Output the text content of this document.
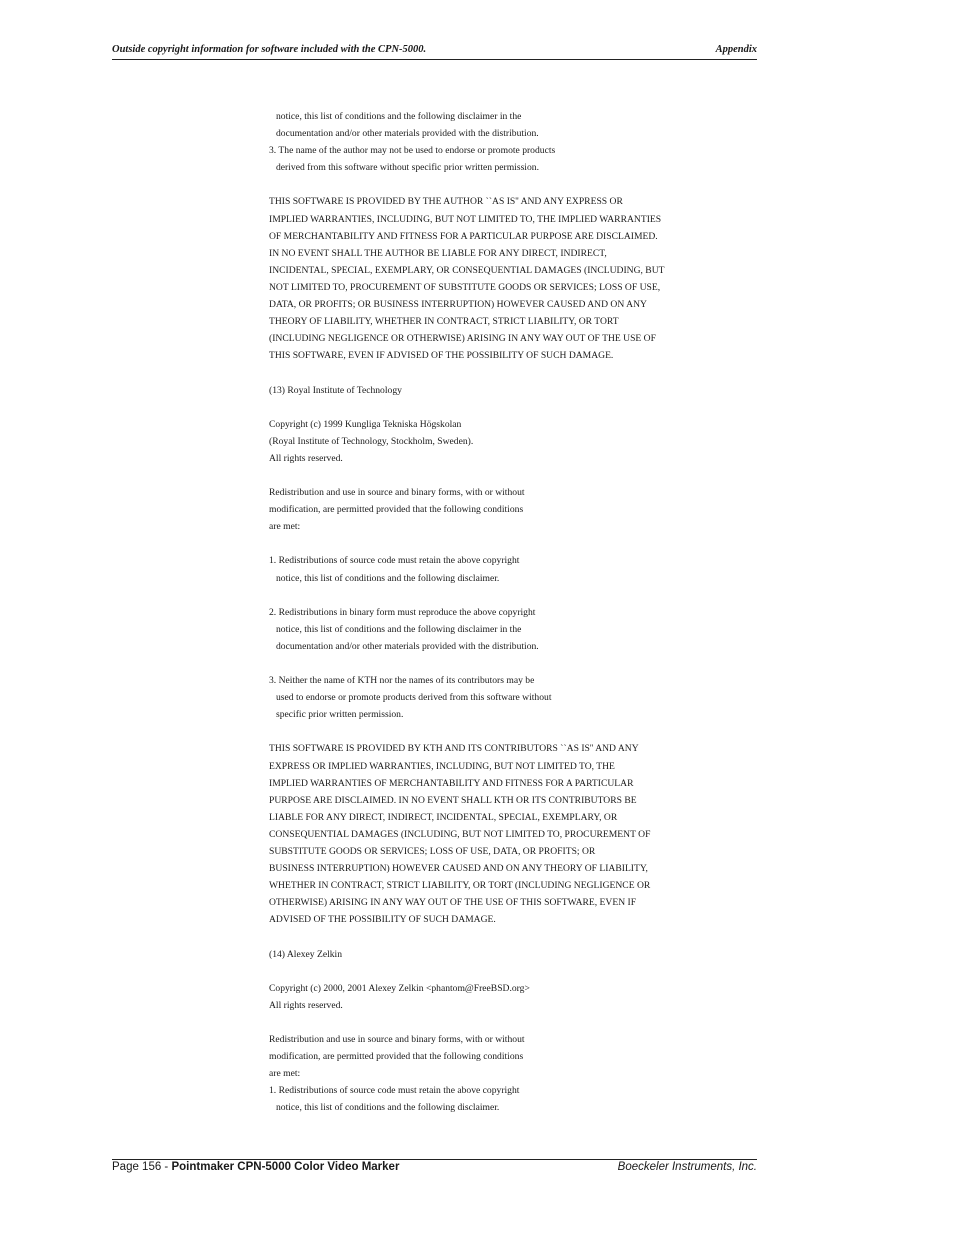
Outside copyright information for software included with the CPN-5000.	Appendix
notice, this list of conditions and the following disclaimer in the
documentation and/or other materials provided with the distribution.
3. The name of the author may not be used to endorse or promote products
derived from this software without specific prior written permission.
THIS SOFTWARE IS PROVIDED BY THE AUTHOR ``AS IS'' AND ANY EXPRESS OR
IMPLIED WARRANTIES, INCLUDING, BUT NOT LIMITED TO, THE IMPLIED WARRANTIES
OF MERCHANTABILITY AND FITNESS FOR A PARTICULAR PURPOSE ARE DISCLAIMED.
IN NO EVENT SHALL THE AUTHOR BE LIABLE FOR ANY DIRECT, INDIRECT,
INCIDENTAL, SPECIAL, EXEMPLARY, OR CONSEQUENTIAL DAMAGES (INCLUDING, BUT
NOT LIMITED TO, PROCUREMENT OF SUBSTITUTE GOODS OR SERVICES; LOSS OF USE,
DATA, OR PROFITS; OR BUSINESS INTERRUPTION) HOWEVER CAUSED AND ON ANY
THEORY OF LIABILITY, WHETHER IN CONTRACT, STRICT LIABILITY, OR TORT
(INCLUDING NEGLIGENCE OR OTHERWISE) ARISING IN ANY WAY OUT OF THE USE OF
THIS SOFTWARE, EVEN IF ADVISED OF THE POSSIBILITY OF SUCH DAMAGE.
(13) Royal Institute of Technology
Copyright (c) 1999 Kungliga Tekniska Högskolan
(Royal Institute of Technology, Stockholm, Sweden).
All rights reserved.
Redistribution and use in source and binary forms, with or without
modification, are permitted provided that the following conditions
are met:
1. Redistributions of source code must retain the above copyright
notice, this list of conditions and the following disclaimer.
2. Redistributions in binary form must reproduce the above copyright
notice, this list of conditions and the following disclaimer in the
documentation and/or other materials provided with the distribution.
3. Neither the name of KTH nor the names of its contributors may be
used to endorse or promote products derived from this software without
specific prior written permission.
THIS SOFTWARE IS PROVIDED BY KTH AND ITS CONTRIBUTORS ``AS IS'' AND ANY
EXPRESS OR IMPLIED WARRANTIES, INCLUDING, BUT NOT LIMITED TO, THE
IMPLIED WARRANTIES OF MERCHANTABILITY AND FITNESS FOR A PARTICULAR
PURPOSE ARE DISCLAIMED. IN NO EVENT SHALL KTH OR ITS CONTRIBUTORS BE
LIABLE FOR ANY DIRECT, INDIRECT, INCIDENTAL, SPECIAL, EXEMPLARY, OR
CONSEQUENTIAL DAMAGES (INCLUDING, BUT NOT LIMITED TO, PROCUREMENT OF
SUBSTITUTE GOODS OR SERVICES; LOSS OF USE, DATA, OR PROFITS; OR
BUSINESS INTERRUPTION) HOWEVER CAUSED AND ON ANY THEORY OF LIABILITY,
WHETHER IN CONTRACT, STRICT LIABILITY, OR TORT (INCLUDING NEGLIGENCE OR
OTHERWISE) ARISING IN ANY WAY OUT OF THE USE OF THIS SOFTWARE, EVEN IF
ADVISED OF THE POSSIBILITY OF SUCH DAMAGE.
(14) Alexey Zelkin
Copyright (c) 2000, 2001 Alexey Zelkin <phantom@FreeBSD.org>
All rights reserved.
Redistribution and use in source and binary forms, with or without
modification, are permitted provided that the following conditions
are met:
1. Redistributions of source code must retain the above copyright
notice, this list of conditions and the following disclaimer.
Page 156 - Pointmaker CPN-5000 Color Video Marker	Boeckeler Instruments, Inc.
